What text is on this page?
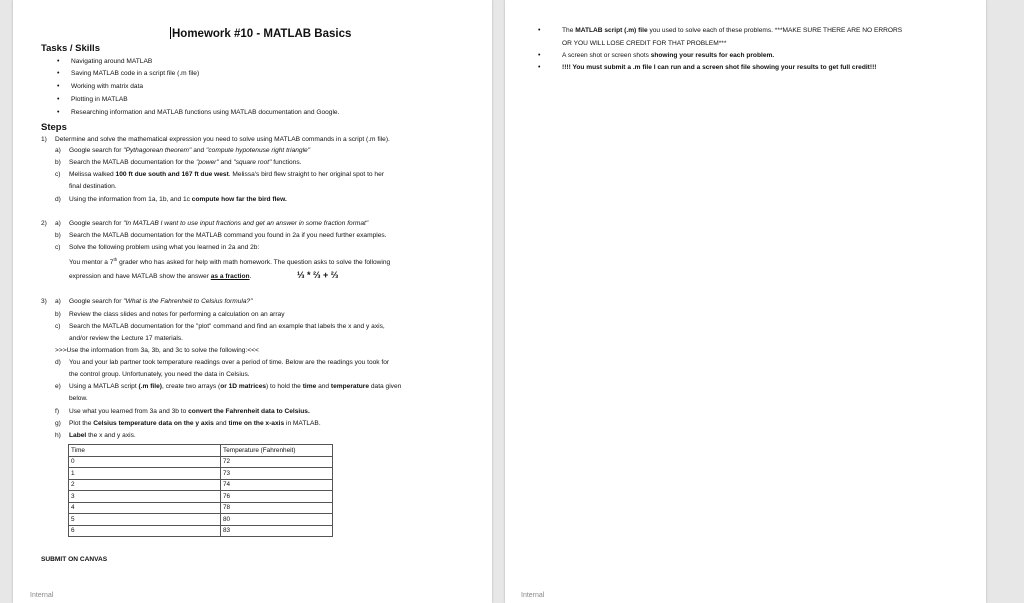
Homework #10 - MATLAB Basics
Tasks / Skills
• Navigating around MATLAB
• Saving MATLAB code in a script file (.m file)
• Working with matrix data
• Plotting in MATLAB
• Researching information and MATLAB functions using MATLAB documentation and Google.
Steps
1) Determine and solve the mathematical expression you need to solve using MATLAB commands in a script (.m file).
a) Google search for "Pythagorean theorem" and "compute hypotenuse right triangle"
b) Search the MATLAB documentation for the "power" and "square root" functions.
c) Melissa walked 100 ft due south and 167 ft due west. Melissa's bird flew straight to her original spot to her
final destination.
d) Using the information from 1a, 1b, and 1c compute how far the bird flew.
2) a) Google search for "In MATLAB I want to use input fractions and get an answer in some fraction format"
b) Search the MATLAB documentation for the MATLAB command you found in 2a if you need further examples.
c) Solve the following problem using what you learned in 2a and 2b:
You mentor a 7th grader who has asked for help with math homework. The question asks to solve the following
expression and have MATLAB show the answer as a fraction.	⅓ * ⅔ + ⅔
3) a) Google search for "What is the Fahrenheit to Celsius formula?"
b) Review the class slides and notes for performing a calculation on an array
c) Search the MATLAB documentation for the "plot" command and find an example that labels the x and y axis,
and/or review the Lecture 17 materials.
>>>Use the information from 3a, 3b, and 3c to solve the following:<<<
d) You and your lab partner took temperature readings over a period of time. Below are the readings you took for
the control group. Unfortunately, you need the data in Celsius.
e) Using a MATLAB script (.m file), create two arrays (or 1D matrices) to hold the time and temperature data given
below.
f) Use what you learned from 3a and 3b to convert the Fahrenheit data to Celsius.
g) Plot the Celsius temperature data on the y axis and time on the x-axis in MATLAB.
h) Label the x and y axis.
Time	Temperature (Fahrenheit)
0	72
1	73
2	74
3	76
4	78
5	80
6	83
SUBMIT ON CANVAS
Internal
•	The MATLAB script (.m) file you used to solve each of these problems. ***MAKE SURE THERE ARE NO ERRORS
OR YOU WILL LOSE CREDIT FOR THAT PROBLEM***
•	A screen shot or screen shots showing your results for each problem.
•	!!!! You must submit a .m file I can run and a screen shot file showing your results to get full credit!!!
Internal
